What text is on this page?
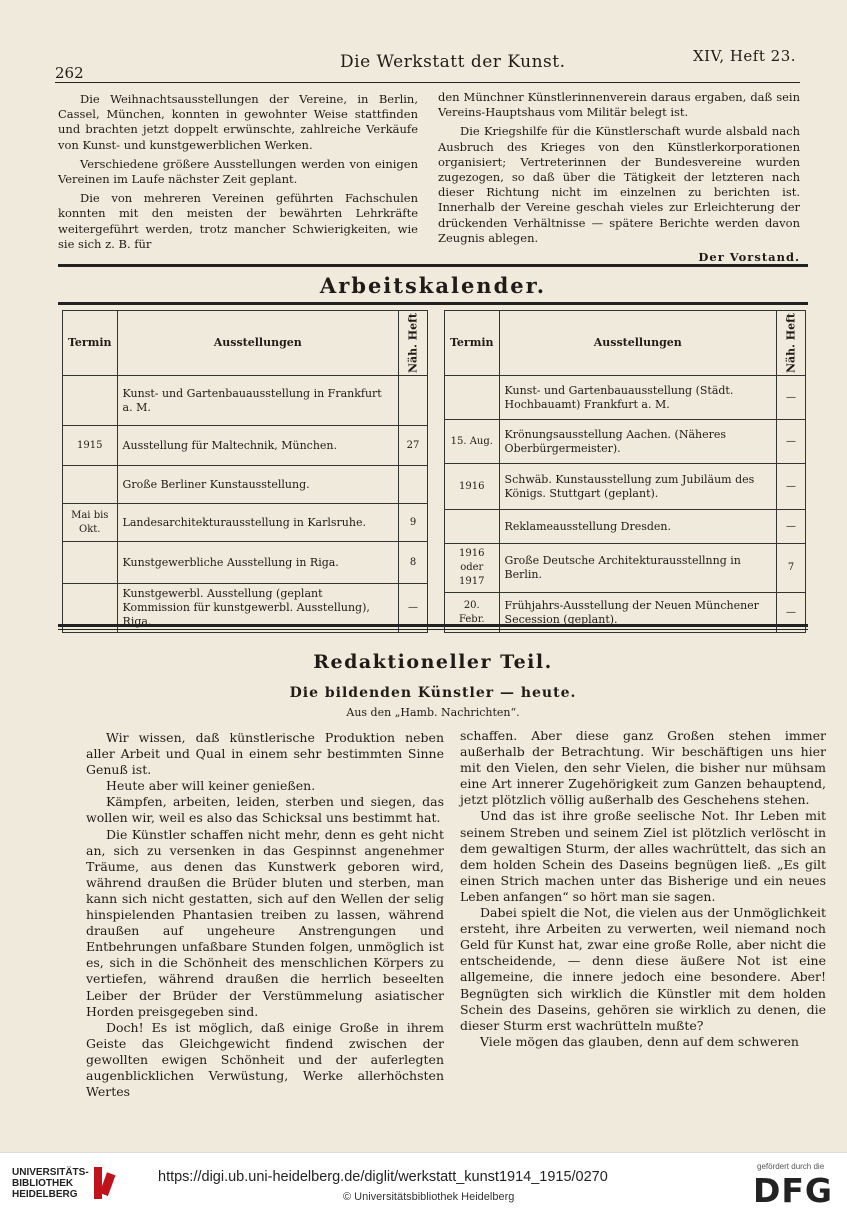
262
Die Werkstatt der Kunst.	XIV, Heft 23.

Die Weihnachtsausstellungen der Vereine, in Berlin, Cassel, München, konnten in gewohnter Weise stattfinden und brachten jetzt doppelt erwünschte, zahlreiche Verkäufe von Kunst- und kunstgewerblichen Werken.

Verschiedene größere Ausstellungen werden von einigen Vereinen im Laufe nächster Zeit geplant.

Die von mehreren Vereinen geführten Fachschulen konnten mit den meisten der bewährten Lehrkräfte weitergeführt werden, trotz mancher Schwierigkeiten, wie sie sich z. B. für

den Münchner Künstlerinnenverein daraus ergaben, daß sein Vereins-Hauptshaus vom Militär belegt ist.

Die Kriegshilfe für die Künstlerschaft wurde alsbald nach Ausbruch des Krieges von den Künstlerkorporationen organisiert; Vertreterinnen der Bundesvereine wurden zugezogen, so daß über die Tätigkeit der letzteren nach dieser Richtung nicht im einzelnen zu berichten ist. Innerhalb der Vereine geschah vieles zur Erleichterung der drückenden Verhältnisse — spätere Berichte werden davon Zeugnis ablegen.

Der Vorstand.
Arbeitskalender.
Termin	Ausstellungen	Näh. Heft
	Kunst- und Gartenbauausstellung in Frankfurt a. M.	
1915	Ausstellung für Maltechnik, München.	27
	Große Berliner Kunstausstellung.	
Mai bis Okt.	Landesarchitekturausstellung in Karlsruhe.	9
	Kunstgewerbliche Ausstellung in Riga.	8
	Kunstgewerbl. Ausstellung (geplant Kommission für kunstgewerbl. Ausstellung), Riga.	—
Termin	Ausstellungen	Näh. Heft
	Kunst- und Gartenbauausstellung (Städt. Hochbauamt) Frankfurt a. M.	—
15. Aug.	Krönungsausstellung Aachen. (Näheres Oberbürgermeister).	—
1916	Schwäb. Kunstausstellung zum Jubiläum des Königs. Stuttgart (geplant).	—
	Reklameausstellung Dresden.	—
1916 oder 1917	Große Deutsche Architekturausstellnng in Berlin.	7
20. Febr.	Frühjahrs-Ausstellung der Neuen Münchener Secession (geplant).	—
Redaktioneller Teil.
Die bildenden Künstler — heute.
Aus den „Hamb. Nachrichten“.

Wir wissen, daß künstlerische Produktion neben aller Arbeit und Qual in einem sehr bestimmten Sinne Genuß ist.

Heute aber will keiner genießen.

Kämpfen, arbeiten, leiden, sterben und siegen, das wollen wir, weil es also das Schicksal uns bestimmt hat.

Die Künstler schaffen nicht mehr, denn es geht nicht an, sich zu versenken in das Gespinnst angenehmer Träume, aus denen das Kunstwerk geboren wird, während draußen die Brüder bluten und sterben, man kann sich nicht gestatten, sich auf den Wellen der selig hinspielenden Phantasien treiben zu lassen, während draußen auf ungeheure Anstrengungen und Entbehrungen unfaßbare Stunden folgen, unmöglich ist es, sich in die Schönheit des menschlichen Körpers zu vertiefen, während draußen die herrlich beseelten Leiber der Brüder der Verstümmelung asiatischer Horden preisgegeben sind.

Doch! Es ist möglich, daß einige Große in ihrem Geiste das Gleichgewicht findend zwischen der gewollten ewigen Schönheit und der auferlegten augenblicklichen Verwüstung, Werke allerhöchsten Wertes

schaffen. Aber diese ganz Großen stehen immer außerhalb der Betrachtung. Wir beschäftigen uns hier mit den Vielen, den sehr Vielen, die bisher nur mühsam eine Art innerer Zugehörigkeit zum Ganzen behauptend, jetzt plötzlich völlig außerhalb des Geschehens stehen.

Und das ist ihre große seelische Not. Ihr Leben mit seinem Streben und seinem Ziel ist plötzlich verlöscht in dem gewaltigen Sturm, der alles wachrüttelt, das sich an dem holden Schein des Daseins begnügen ließ. „Es gilt einen Strich machen unter das Bisherige und ein neues Leben anfangen“ so hört man sie sagen.

Dabei spielt die Not, die vielen aus der Unmöglichkeit ersteht, ihre Arbeiten zu verwerten, weil niemand noch Geld für Kunst hat, zwar eine große Rolle, aber nicht die entscheidende, — denn diese äußere Not ist eine allgemeine, die innere jedoch eine besondere. Aber! Begnügten sich wirklich die Künstler mit dem holden Schein des Daseins, gehören sie wirklich zu denen, die dieser Sturm erst wachrütteln mußte?

Viele mögen das glauben, denn auf dem schweren

UNIVERSITÄTS-
BIBLIOTHEK
HEIDELBERG
https://digi.ub.uni-heidelberg.de/diglit/werkstatt_kunst1914_1915/0270
© Universitätsbibliothek Heidelberg
gefördert durch die
DFG
